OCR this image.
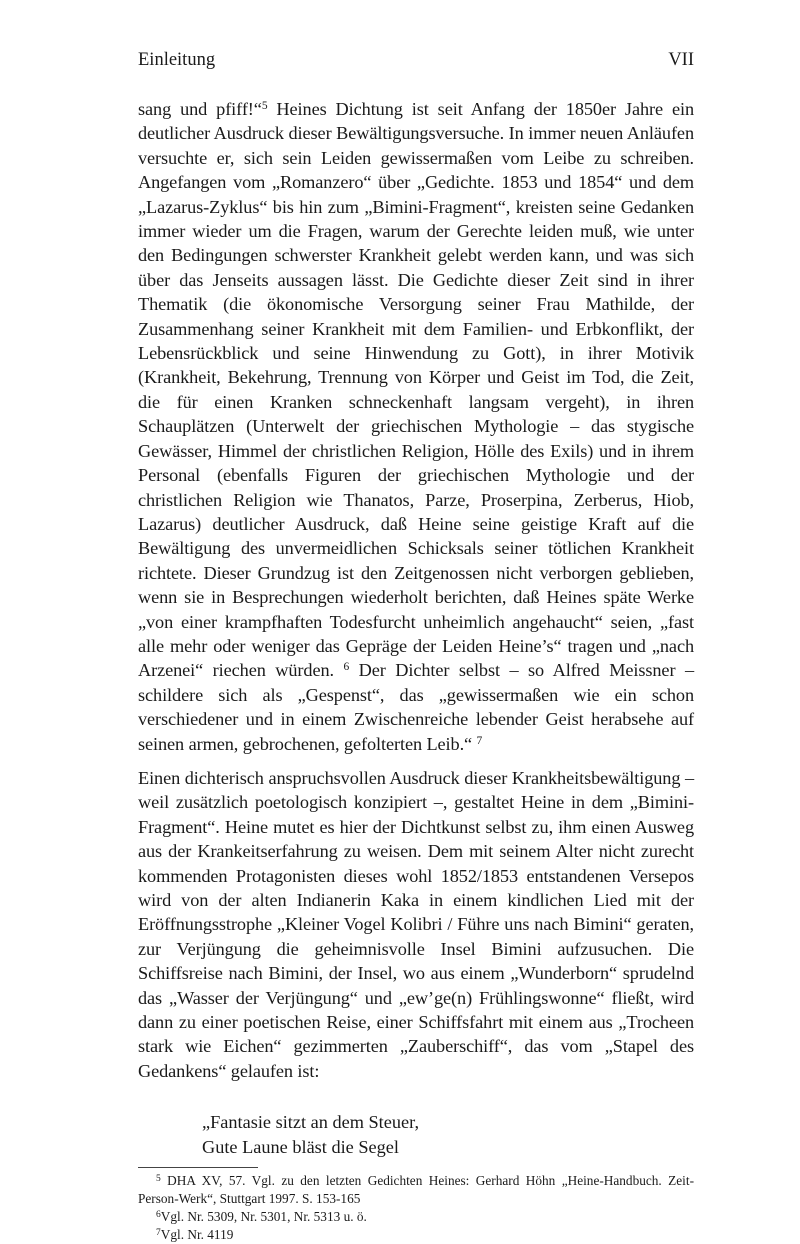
Einleitung	VII

sang und pfiff!“$^5$ Heines Dichtung ist seit Anfang der 1850er Jahre ein deutlicher Ausdruck dieser Bewältigungsversuche. In immer neuen Anläufen versuchte er, sich sein Leiden gewissermaßen vom Leibe zu schreiben. Angefangen vom „Romanzero“ über „Gedichte. 1853 und 1854“ und dem „Lazarus-Zyklus“ bis hin zum „Bimini-Fragment“, kreisten seine Gedanken immer wieder um die Fragen, warum der Gerechte leiden muß, wie unter den Bedingungen schwerster Krankheit gelebt werden kann, und was sich über das Jenseits aussagen lässt. Die Gedichte dieser Zeit sind in ihrer Thematik (die ökonomische Versorgung seiner Frau Mathilde, der Zusammenhang seiner Krankheit mit dem Familien- und Erbkonflikt, der Lebensrückblick und seine Hinwendung zu Gott), in ihrer Motivik (Krankheit, Bekehrung, Trennung von Körper und Geist im Tod, die Zeit, die für einen Kranken schneckenhaft langsam vergeht), in ihren Schauplätzen (Unterwelt der griechischen Mythologie – das stygische Gewässer, Himmel der christlichen Religion, Hölle des Exils) und in ihrem Personal (ebenfalls Figuren der griechischen Mythologie und der christlichen Religion wie Thanatos, Parze, Proserpina, Zerberus, Hiob, Lazarus) deutlicher Ausdruck, daß Heine seine geistige Kraft auf die Bewältigung des unvermeidlichen Schicksals seiner tötlichen Krankheit richtete. Dieser Grundzug ist den Zeitgenossen nicht verborgen geblieben, wenn sie in Besprechungen wiederholt berichten, daß Heines späte Werke „von einer krampfhaften Todesfurcht unheimlich angehaucht“ seien, „fast alle mehr oder weniger das Gepräge der Leiden Heine’s“ tragen und „nach Arzenei“ riechen würden. $^6$ Der Dichter selbst – so Alfred Meissner – schildere sich als „Gespenst“, das „gewissermaßen wie ein schon verschiedener und in einem Zwischenreiche lebender Geist herabsehe auf seinen armen, gebrochenen, gefolterten Leib.“ $^7$

Einen dichterisch anspruchsvollen Ausdruck dieser Krankheitsbewältigung – weil zusätzlich poetologisch konzipiert –, gestaltet Heine in dem „Bimini-Fragment“. Heine mutet es hier der Dichtkunst selbst zu, ihm einen Ausweg aus der Krankeitserfahrung zu weisen. Dem mit seinem Alter nicht zurecht kommenden Protagonisten dieses wohl 1852/1853 entstandenen Versepos wird von der alten Indianerin Kaka in einem kindlichen Lied mit der Eröffnungsstrophe „Kleiner Vogel Kolibri / Führe uns nach Bimini“ geraten, zur Verjüngung die geheimnisvolle Insel Bimini aufzusuchen. Die Schiffsreise nach Bimini, der Insel, wo aus einem „Wunderborn“ sprudelnd das „Wasser der Verjüngung“ und „ew’ge(n) Frühlingswonne“ fließt, wird dann zu einer poetischen Reise, einer Schiffsfahrt mit einem aus „Trocheen stark wie Eichen“ gezimmerten „Zauberschiff“, das vom „Stapel des Gedankens“ gelaufen ist:

„Fantasie sitzt an dem Steuer,
Gute Laune bläst die Segel
$^5$ DHA XV, 57. Vgl. zu den letzten Gedichten Heines: Gerhard Höhn „Heine-Handbuch. Zeit-Person-Werk“, Stuttgart 1997. S. 153-165
$^6$Vgl. Nr. 5309, Nr. 5301, Nr. 5313 u. ö.
$^7$Vgl. Nr. 4119
